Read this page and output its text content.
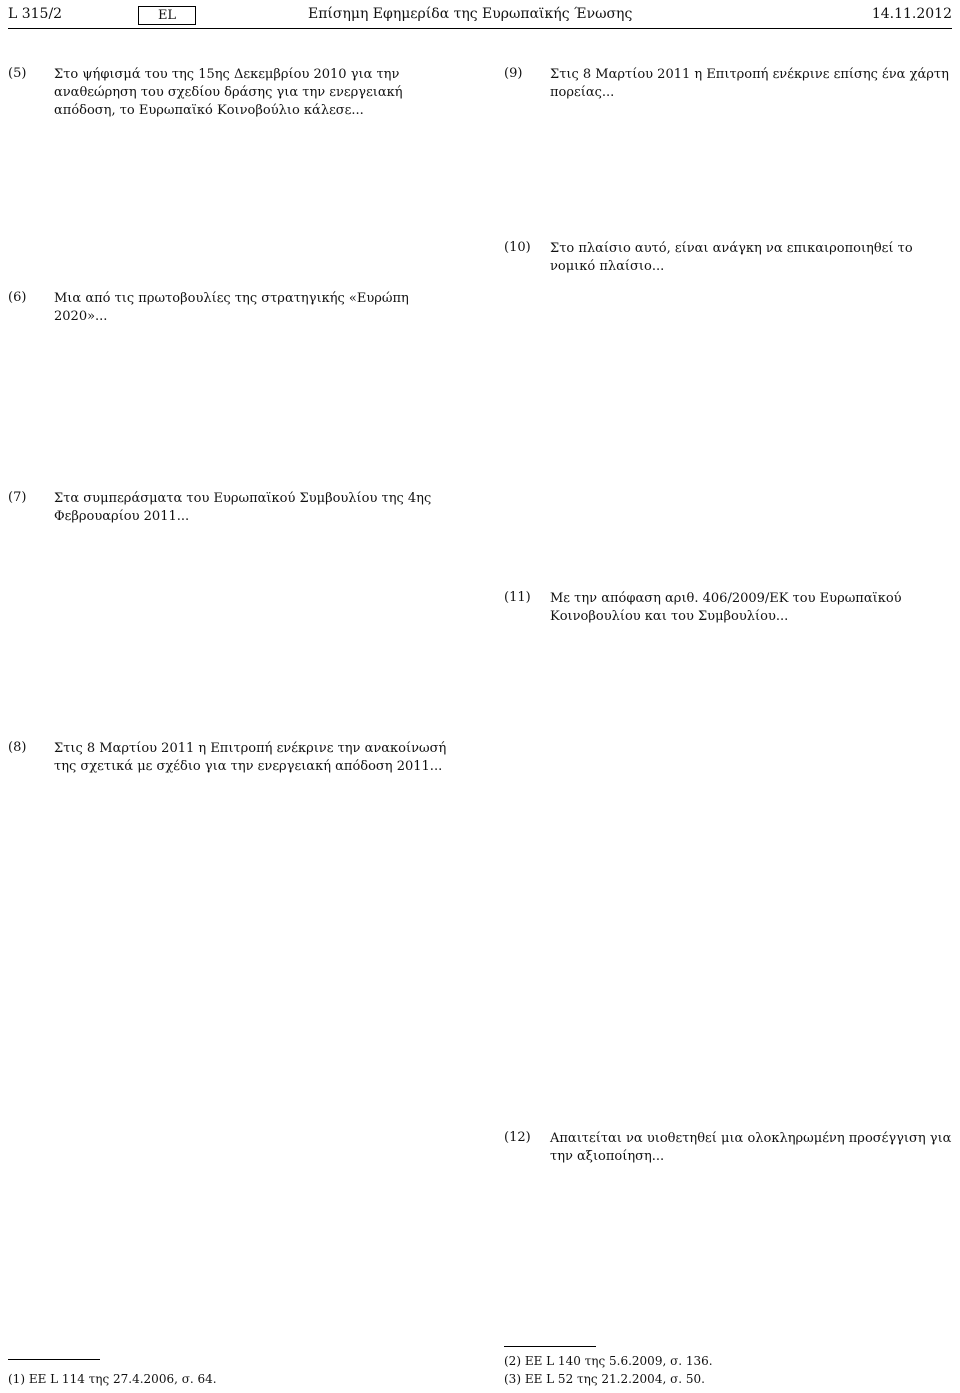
L 315/2	EL	Επίσημη Εφημερίδα της Ευρωπαϊκής Ένωσης	14.11.2012
(5) Στο ψήφισμά του της 15ης Δεκεμβρίου 2010 για την αναθεώρηση του σχεδίου δράσης για την ενεργειακή απόδοση, το Ευρωπαϊκό Κοινοβούλιο κάλεσε...
(6) Μια από τις πρωτοβουλίες της στρατηγικής «Ευρώπη 2020»...
(7) Στα συμπεράσματα του Ευρωπαϊκού Συμβουλίου της 4ης Φεβρουαρίου 2011...
(8) Στις 8 Μαρτίου 2011 η Επιτροπή ενέκρινε την ανακοίνωσή της σχετικά με σχέδιο για την ενεργειακή απόδοση 2011...
(9) Στις 8 Μαρτίου 2011 η Επιτροπή ενέκρινε επίσης ένα χάρτη πορείας...
(10) Στο πλαίσιο αυτό, είναι ανάγκη να επικαιροποιηθεί το νομικό πλαίσιο...
(11) Με την απόφαση αριθ. 406/2009/ΕΚ του Ευρωπαϊκού Κοινοβουλίου και του Συμβουλίου...
(12) Απαιτείται να υιοθετηθεί μια ολοκληρωμένη προσέγγιση για την αξιοποίηση...
(1) ΕΕ L 114 της 27.4.2006, σ. 64.
(2) ΕΕ L 140 της 5.6.2009, σ. 136.
(3) ΕΕ L 52 της 21.2.2004, σ. 50.
